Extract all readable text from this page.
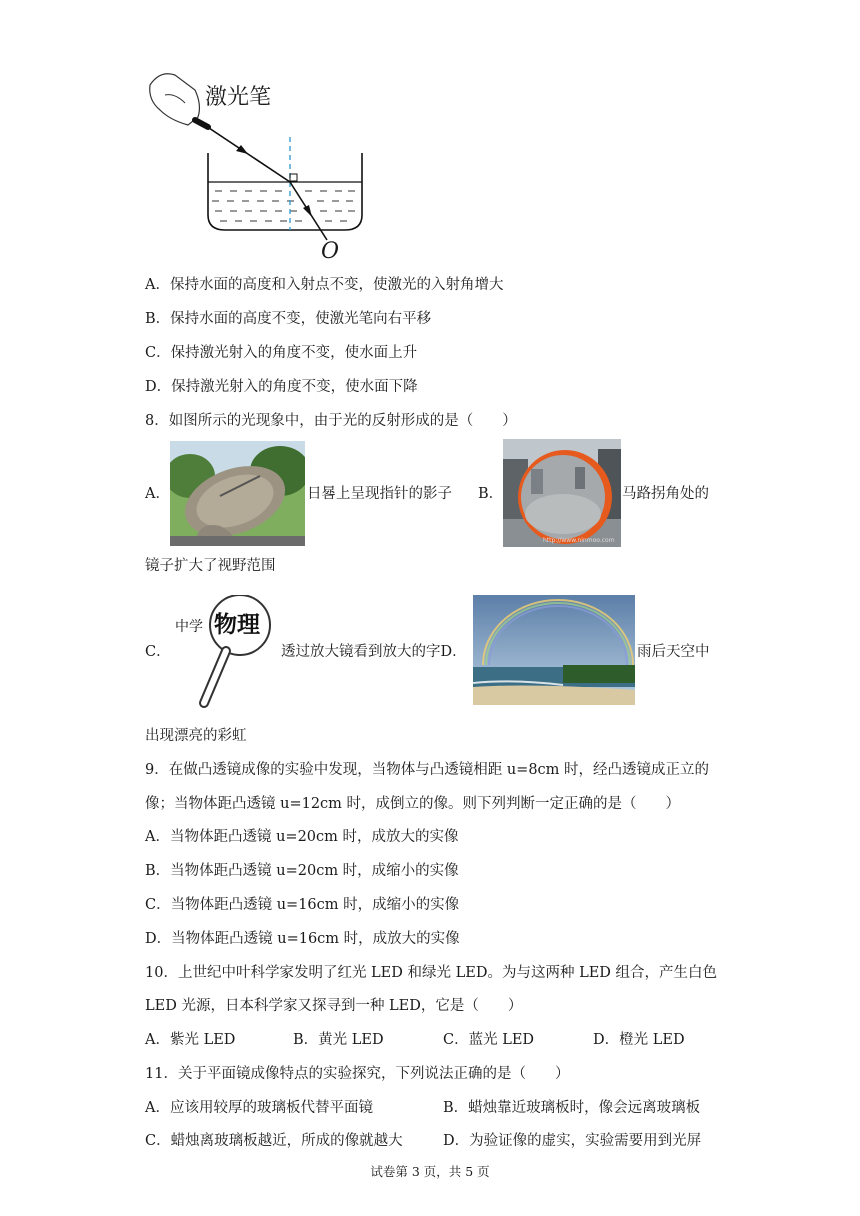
激光笔
O
A．保持水面的高度和入射点不变，使激光的入射角增大
B．保持水面的高度不变，使激光笔向右平移
C．保持激光射入的角度不变，使水面上升
D．保持激光射入的角度不变，使水面下降
8．如图所示的光现象中，由于光的反射形成的是（　　）
A．	日晷上呈现指针的影子 B．
http://www.ninmoo.com
马路拐角处的
镜子扩大了视野范围
C．
中学 物理
透过放大镜看到放大的字D．	雨后天空中
出现漂亮的彩虹
9．在做凸透镜成像的实验中发现，当物体与凸透镜相距 u=8cm 时，经凸透镜成正立的
像；当物体距凸透镜 u=12cm 时，成倒立的像。则下列判断一定正确的是（　　）
A．当物体距凸透镜 u=20cm 时，成放大的实像
B．当物体距凸透镜 u=20cm 时，成缩小的实像
C．当物体距凸透镜 u=16cm 时，成缩小的实像
D．当物体距凸透镜 u=16cm 时，成放大的实像
10．上世纪中叶科学家发明了红光 LED 和绿光 LED。为与这两种 LED 组合，产生白色
LED 光源，日本科学家又探寻到一种 LED，它是（　　）
A．紫光 LED	B．黄光 LED	C．蓝光 LED	D．橙光 LED
11．关于平面镜成像特点的实验探究，下列说法正确的是（　　）
A．应该用较厚的玻璃板代替平面镜	B．蜡烛靠近玻璃板时，像会远离玻璃板
C．蜡烛离玻璃板越近，所成的像就越大	D．为验证像的虚实，实验需要用到光屏
试卷第 3 页，共 5 页
